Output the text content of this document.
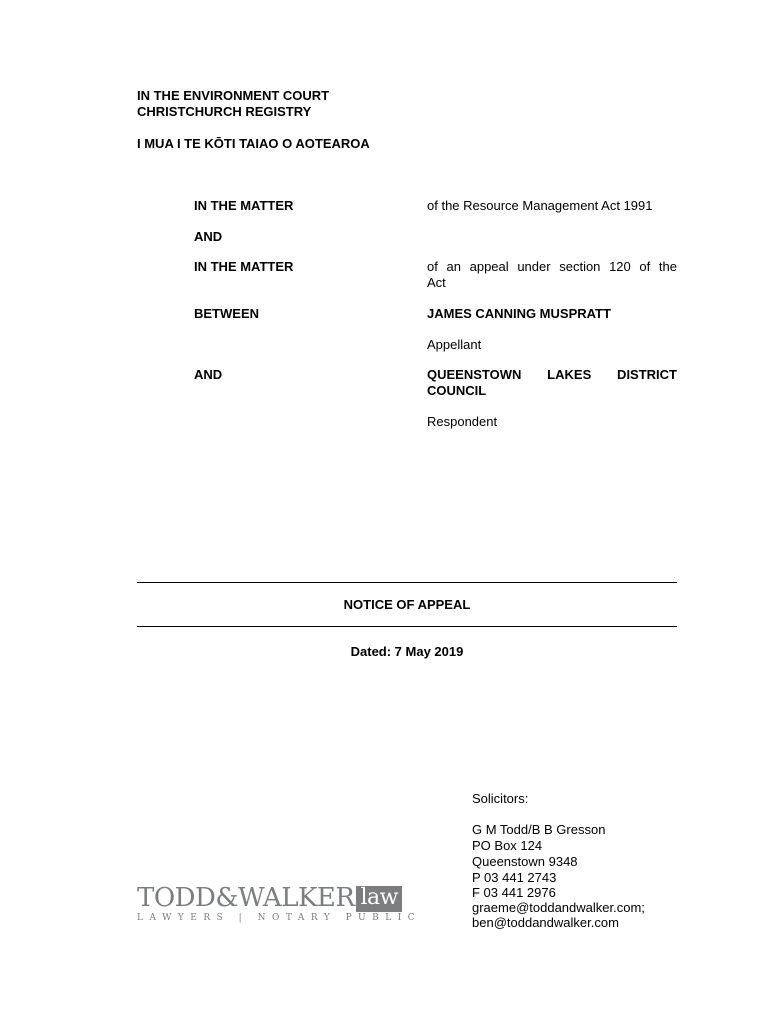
IN THE ENVIRONMENT COURT
CHRISTCHURCH REGISTRY
I MUA I TE KŌTI TAIAO O AOTEAROA
IN THE MATTER	of the Resource Management Act 1991
AND
IN THE MATTER	of an appeal under section 120 of the
Act
BETWEEN	JAMES CANNING MUSPRATT
Appellant
AND	QUEENSTOWN LAKES DISTRICT
COUNCIL
Respondent
NOTICE OF APPEAL
Dated: 7 May 2019
TODD&WALKER law
LAWYERS | NOTARY PUBLIC
Solicitors:
G M Todd/B B Gresson
PO Box 124
Queenstown 9348
P 03 441 2743
F 03 441 2976
graeme@toddandwalker.com;
ben@toddandwalker.com
